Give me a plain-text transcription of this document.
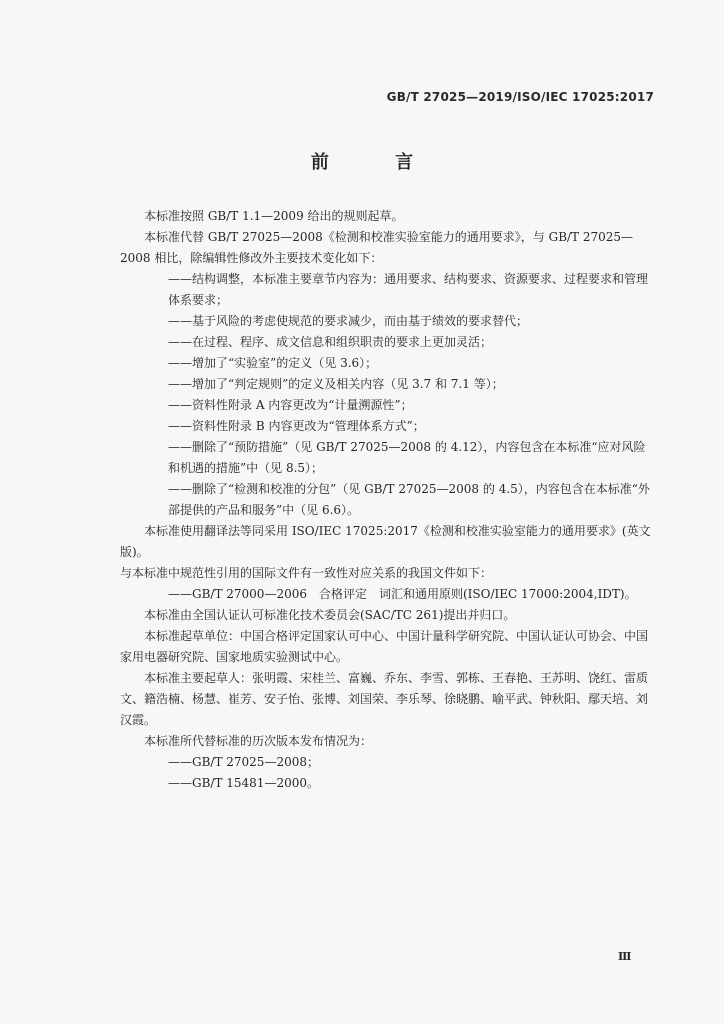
GB/T 27025—2019/ISO/IEC 17025:2017
前 言

本标准按照 GB/T 1.1—2009 给出的规则起草。

本标准代替 GB/T 27025—2008《检测和校准实验室能力的通用要求》，与 GB/T 27025—2008 相比，除编辑性修改外主要技术变化如下：

——结构调整，本标准主要章节内容为：通用要求、结构要求、资源要求、过程要求和管理体系要求；

——基于风险的考虑使规范的要求减少，而由基于绩效的要求替代；

——在过程、程序、成文信息和组织职责的要求上更加灵活；

——增加了“实验室”的定义（见 3.6）；

——增加了“判定规则”的定义及相关内容（见 3.7 和 7.1 等）；

——资料性附录 A 内容更改为“计量溯源性”；

——资料性附录 B 内容更改为“管理体系方式”；

——删除了“预防措施”（见 GB/T 27025—2008 的 4.12），内容包含在本标准“应对风险和机遇的措施”中（见 8.5）；

——删除了“检测和校准的分包”（见 GB/T 27025—2008 的 4.5），内容包含在本标准“外部提供的产品和服务”中（见 6.6）。

本标准使用翻译法等同采用 ISO/IEC 17025:2017《检测和校准实验室能力的通用要求》(英文版)。

与本标准中规范性引用的国际文件有一致性对应关系的我国文件如下：

——GB/T 27000—2006　合格评定　词汇和通用原则(ISO/IEC 17000:2004,IDT)。

本标准由全国认证认可标准化技术委员会(SAC/TC 261)提出并归口。

本标准起草单位：中国合格评定国家认可中心、中国计量科学研究院、中国认证认可协会、中国家用电器研究院、国家地质实验测试中心。

本标准主要起草人：张明霞、宋桂兰、富巍、乔东、李雪、郭栋、王春艳、王苏明、饶红、雷质文、籍浩楠、杨慧、崔芳、安子怡、张博、刘国荣、李乐琴、徐晓鹏、喻平武、钟秋阳、鄢天培、刘汉霞。

本标准所代替标准的历次版本发布情况为：

——GB/T 27025—2008；

——GB/T 15481—2000。

Ⅲ
